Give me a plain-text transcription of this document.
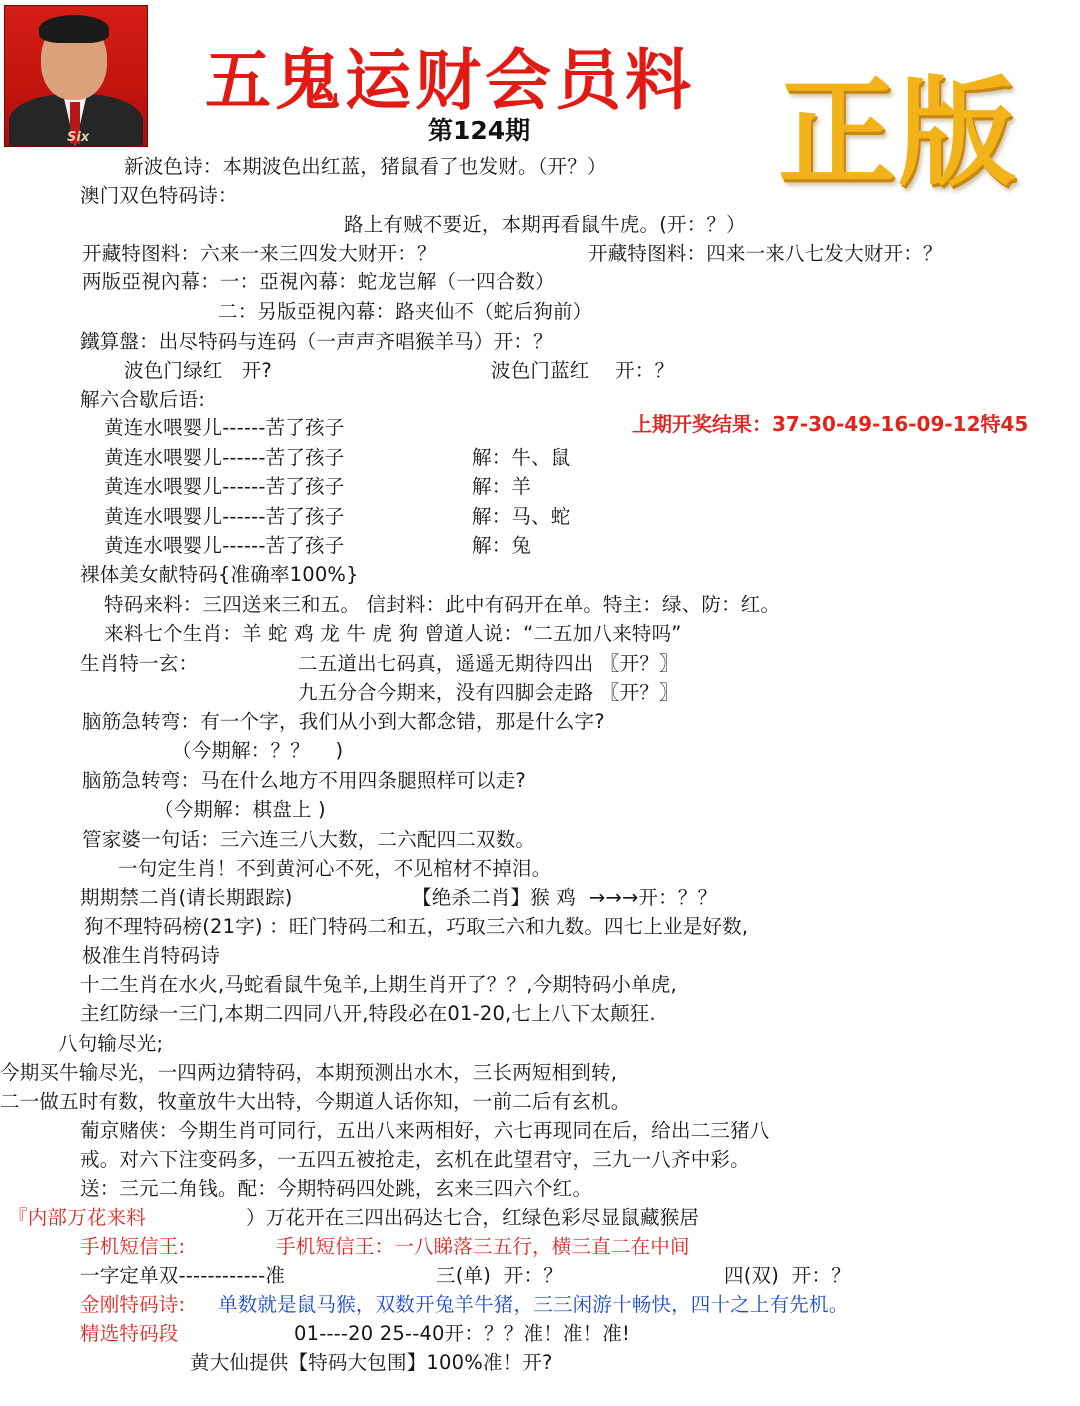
Six
五鬼运财会员料
第124期 正版
上期开奖结果：37-30-49-16-09-12特45
新波色诗：本期波色出红蓝，猪鼠看了也发财。（开？）
澳门双色特码诗：
路上有贼不要近，本期再看鼠牛虎。(开：？）
开藏特图料：六来一来三四发大财开：？	开藏特图料：四来一来八七发大财开：？
两版亞視內幕：一：亞視內幕：蛇龙岂解（一四合数）
二：另版亞視內幕：路夹仙不（蛇后狗前）
鐵算盤：出尽特码与连码（一声声齐唱猴羊马）开：？
波色门绿红   开?	波色门蓝红    开：？
解六合歇后语:
黄连水喂婴儿------苦了孩子
黄连水喂婴儿------苦了孩子	解：牛、鼠
黄连水喂婴儿------苦了孩子	解：羊
黄连水喂婴儿------苦了孩子	解：马、蛇
黄连水喂婴儿------苦了孩子	解：兔
裸体美女献特码{准确率100%}
特码来料：三四送来三和五。 信封料：此中有码开在单。特主：绿、防：红。
来料七个生肖：羊 蛇 鸡 龙 牛 虎 狗 曾道人说：“二五加八来特吗”
生肖特一玄：	二五道出七码真，遥遥无期待四出 〖开？〗
九五分合今期来，没有四脚会走路 〖开？〗
脑筋急转弯：有一个字，我们从小到大都念错，那是什么字?
（今期解：？？    )
脑筋急转弯：马在什么地方不用四条腿照样可以走?
（今期解：棋盘上 )
管家婆一句话：三六连三八大数，二六配四二双数。
一句定生肖！不到黄河心不死，不见棺材不掉泪。
期期禁二肖(请长期跟踪)	【绝杀二肖】猴 鸡  →→→开：？？
狗不理特码榜(21字) ：旺门特码二和五，巧取三六和九数。四七上业是好数,
极准生肖特码诗
十二生肖在水火,马蛇看鼠牛兔羊,上期生肖开了？？,今期特码小单虎,
主红防绿一三门,本期二四同八开,特段必在01-20,七上八下太颠狂.
八句输尽光;
今期买牛输尽光，一四两边猜特码，本期预测出水木，三长两短相到转,
二一做五时有数，牧童放牛大出特，今期道人话你知，一前二后有玄机。
葡京赌侠：今期生肖可同行，五出八来两相好，六七再现同在后，给出二三猪八
戒。对六下注变码多，一五四五被抢走，玄机在此望君守，三九一八齐中彩。
送：三元二角钱。配：今期特码四处跳，玄来三四六个红。
『内部万花来料	）万花开在三四出码达七合，红绿色彩尽显鼠藏猴居
手机短信王:	手机短信王：一八睇落三五行，横三直二在中间
一字定单双------------准	三(单)  开：？	四(双)  开：？
金刚特码诗: 单数就是鼠马猴，双数开兔羊牛猪，三三闲游十畅快，四十之上有先机。
精选特码段	01----20 25--40开：？？准！准！准!
黄大仙提供【特码大包围】100%准！开?
